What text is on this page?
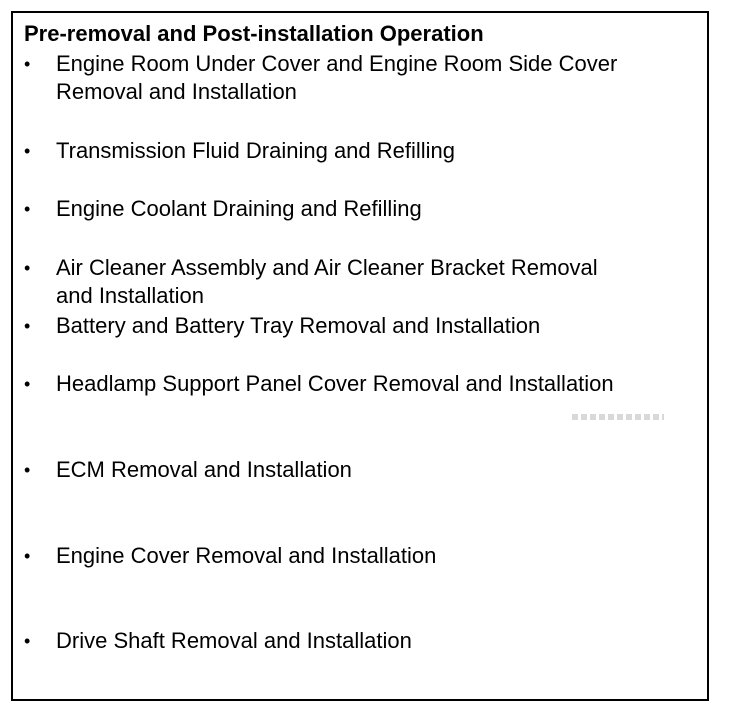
Pre-removal and Post-installation Operation
•	Engine Room Under Cover and Engine Room Side Cover
Removal and Installation
•	Transmission Fluid Draining and Refilling
•	Engine Coolant Draining and Refilling
•	Air Cleaner Assembly and Air Cleaner Bracket Removal
and Installation
•	Battery and Battery Tray Removal and Installation
•	Headlamp Support Panel Cover Removal and Installation
•	ECM Removal and Installation
•	Engine Cover Removal and Installation
•	Drive Shaft Removal and Installation
